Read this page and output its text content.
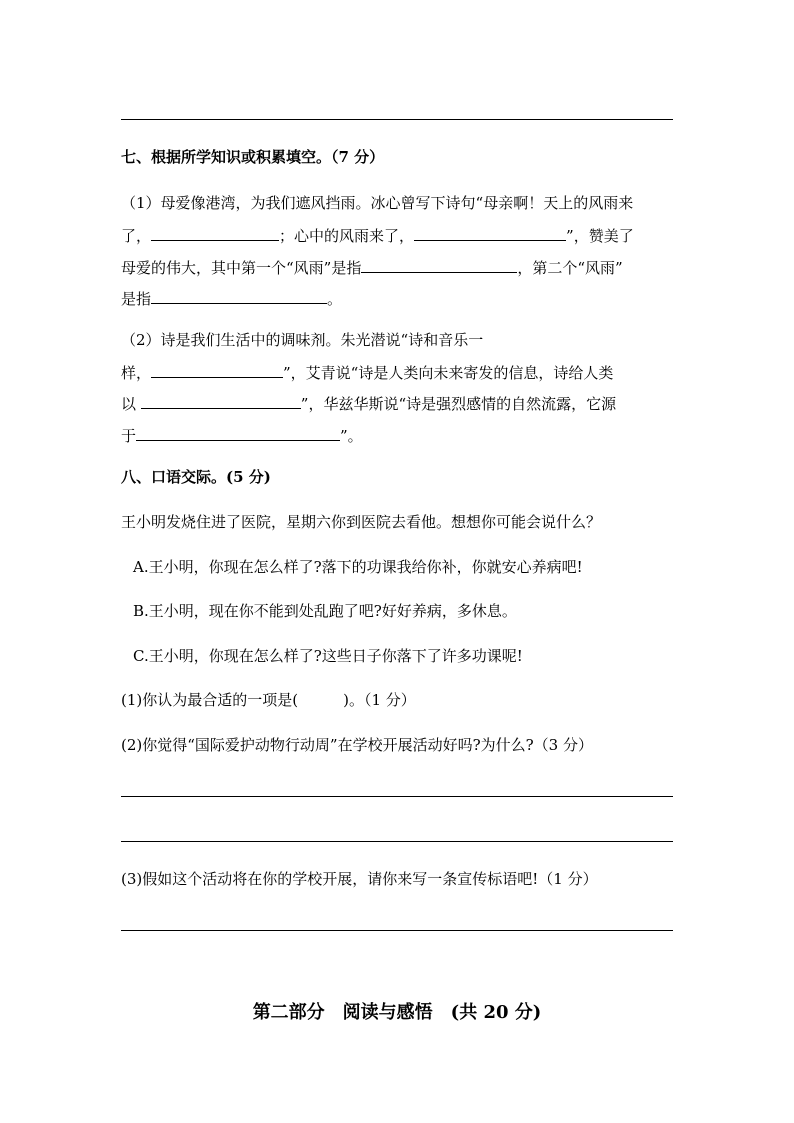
七、根据所学知识或积累填空。（7 分）
（1）母爱像港湾，为我们遮风挡雨。冰心曾写下诗句“母亲啊！天上的风雨来
了，	；心中的风雨来了，	”，赞美了
母爱的伟大，其中第一个“风雨”是指	，第二个“风雨”
是指	。
（2）诗是我们生活中的调味剂。朱光潜说“诗和音乐一
样，	”，艾青说“诗是人类向未来寄发的信息，诗给人类
以	”，华兹华斯说“诗是强烈感情的自然流露，它源
于	”。
八、口语交际。(5 分)
王小明发烧住进了医院，星期六你到医院去看他。想想你可能会说什么？
A.王小明，你现在怎么样了?落下的功课我给你补，你就安心养病吧!
B.王小明，现在你不能到处乱跑了吧?好好养病，多休息。
C.王小明，你现在怎么样了?这些日子你落下了许多功课呢!
(1)你认为最合适的一项是(　　　)。（1 分）
(2)你觉得“国际爱护动物行动周”在学校开展活动好吗?为什么?（3 分）
(3)假如这个活动将在你的学校开展，请你来写一条宣传标语吧!（1 分）
第二部分　阅读与感悟　(共 20 分)
